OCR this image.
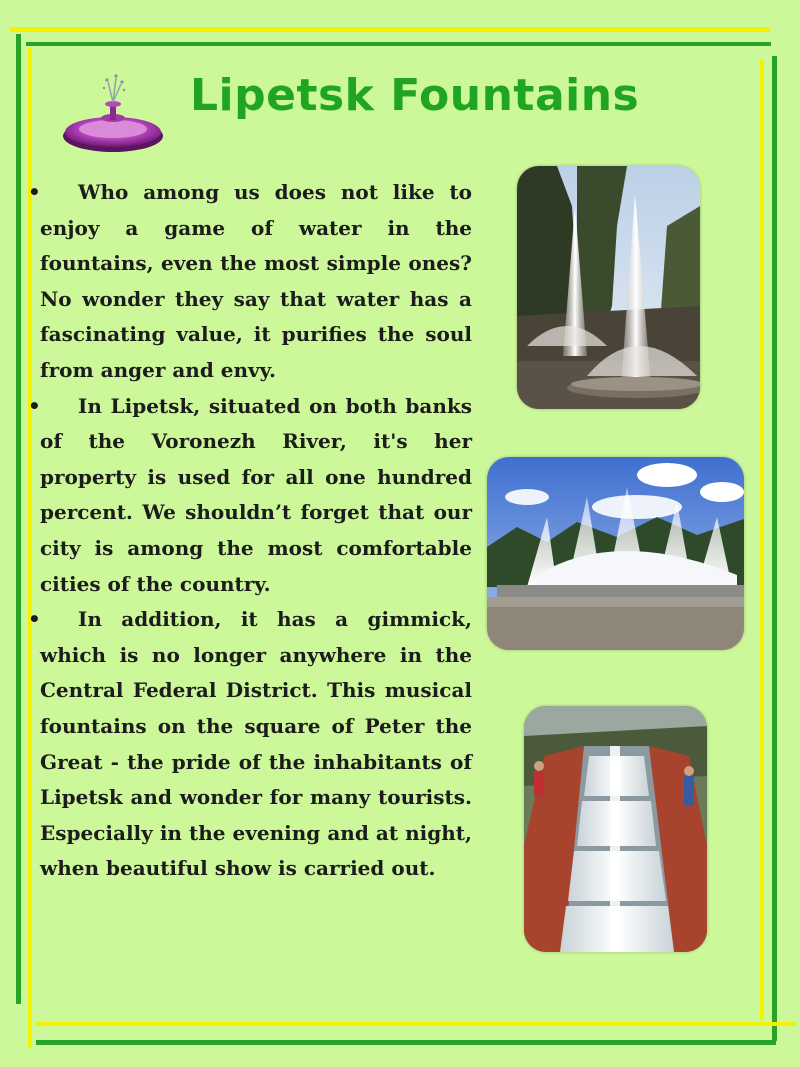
Lipetsk Fountains

• Who among us does not like to enjoy a game of water in the fountains, even the most simple ones? No wonder they say that water has a fascinating value, it purifies the soul from anger and envy.

• In Lipetsk, situated on both banks of the Voronezh River, it's her property is used for all one hundred percent. We shouldn’t forget that our city is among the most comfortable cities of the country.

• In addition, it has a gimmick, which is no longer anywhere in the Central Federal District. This musical fountains on the square of Peter the Great - the pride of the inhabitants of Lipetsk and wonder for many tourists. Especially in the evening and at night, when beautiful show is carried out.
